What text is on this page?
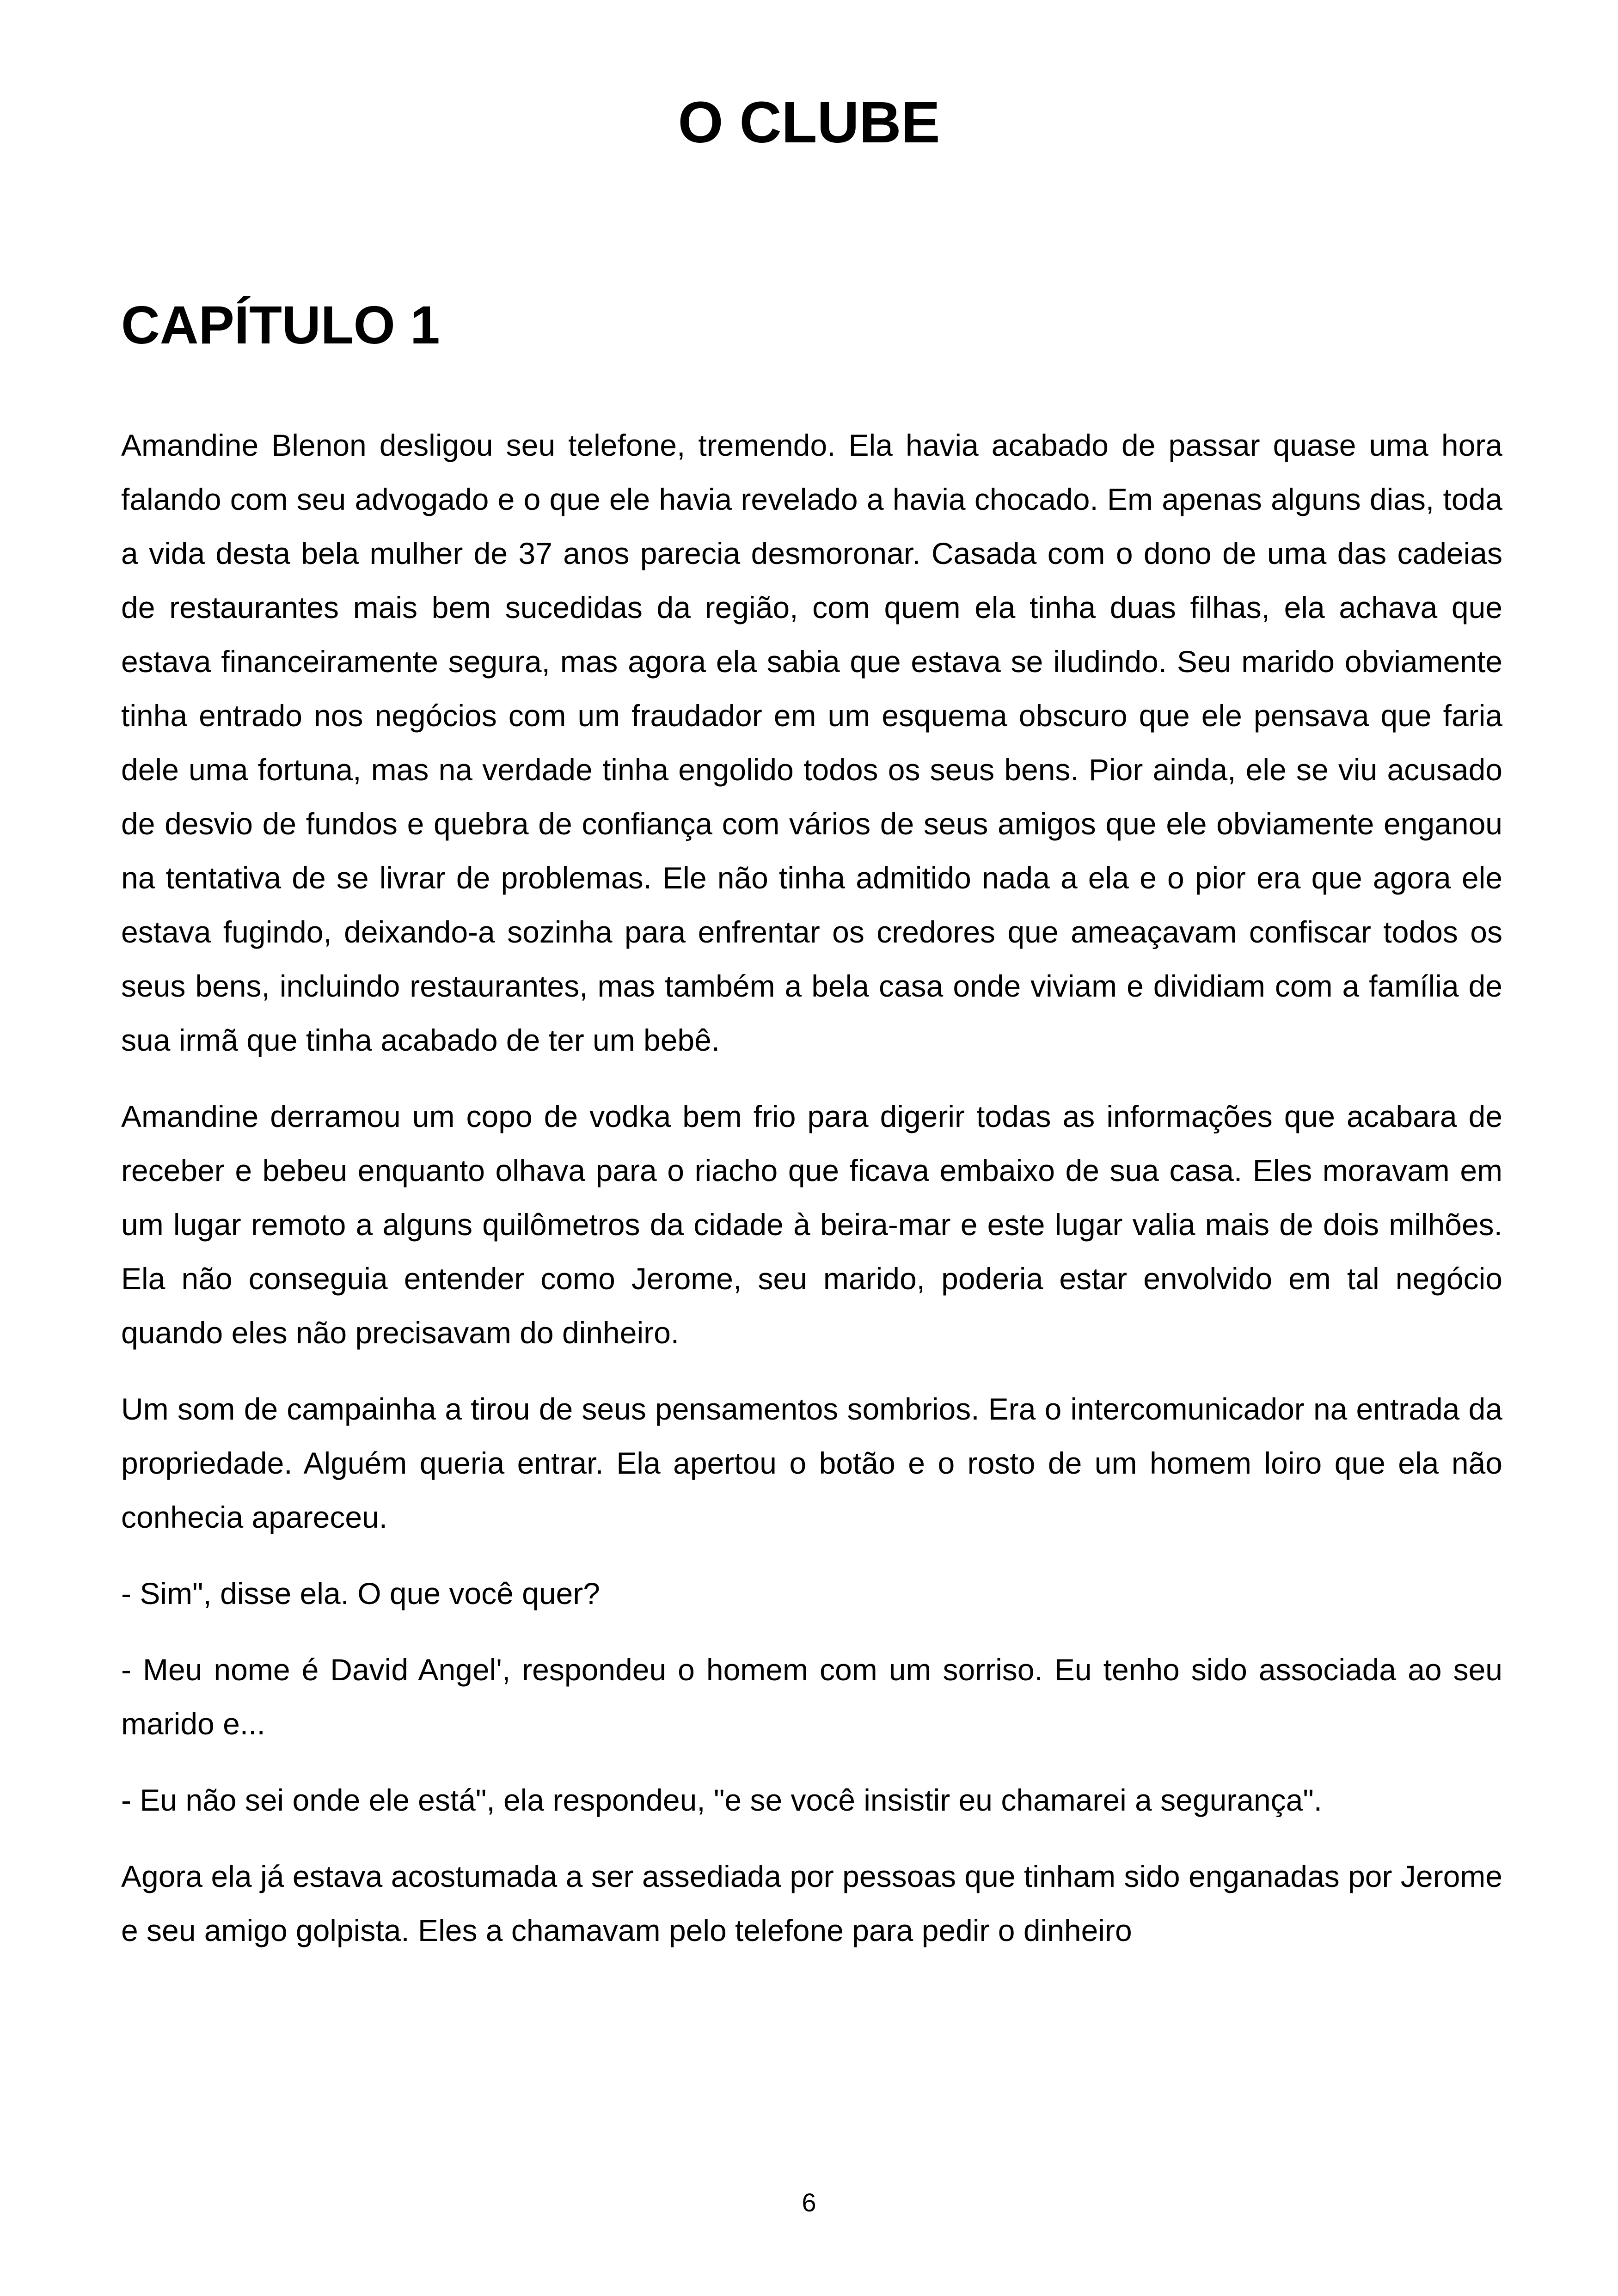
O CLUBE
CAPÍTULO 1

Amandine Blenon desligou seu telefone, tremendo. Ela havia acabado de passar quase uma hora falando com seu advogado e o que ele havia revelado a havia chocado. Em apenas alguns dias, toda a vida desta bela mulher de 37 anos parecia desmoronar. Casada com o dono de uma das cadeias de restaurantes mais bem sucedidas da região, com quem ela tinha duas filhas, ela achava que estava financeiramente segura, mas agora ela sabia que estava se iludindo. Seu marido obviamente tinha entrado nos negócios com um fraudador em um esquema obscuro que ele pensava que faria dele uma fortuna, mas na verdade tinha engolido todos os seus bens. Pior ainda, ele se viu acusado de desvio de fundos e quebra de confiança com vários de seus amigos que ele obviamente enganou na tentativa de se livrar de problemas. Ele não tinha admitido nada a ela e o pior era que agora ele estava fugindo, deixando-a sozinha para enfrentar os credores que ameaçavam confiscar todos os seus bens, incluindo restaurantes, mas também a bela casa onde viviam e dividiam com a família de sua irmã que tinha acabado de ter um bebê.

Amandine derramou um copo de vodka bem frio para digerir todas as informações que acabara de receber e bebeu enquanto olhava para o riacho que ficava embaixo de sua casa. Eles moravam em um lugar remoto a alguns quilômetros da cidade à beira-mar e este lugar valia mais de dois milhões. Ela não conseguia entender como Jerome, seu marido, poderia estar envolvido em tal negócio quando eles não precisavam do dinheiro.

Um som de campainha a tirou de seus pensamentos sombrios. Era o intercomunicador na entrada da propriedade. Alguém queria entrar. Ela apertou o botão e o rosto de um homem loiro que ela não conhecia apareceu.

- Sim", disse ela. O que você quer?

- Meu nome é David Angel', respondeu o homem com um sorriso. Eu tenho sido associada ao seu marido e...

- Eu não sei onde ele está", ela respondeu, "e se você insistir eu chamarei a segurança".

Agora ela já estava acostumada a ser assediada por pessoas que tinham sido enganadas por Jerome e seu amigo golpista. Eles a chamavam pelo telefone para pedir o dinheiro

6
